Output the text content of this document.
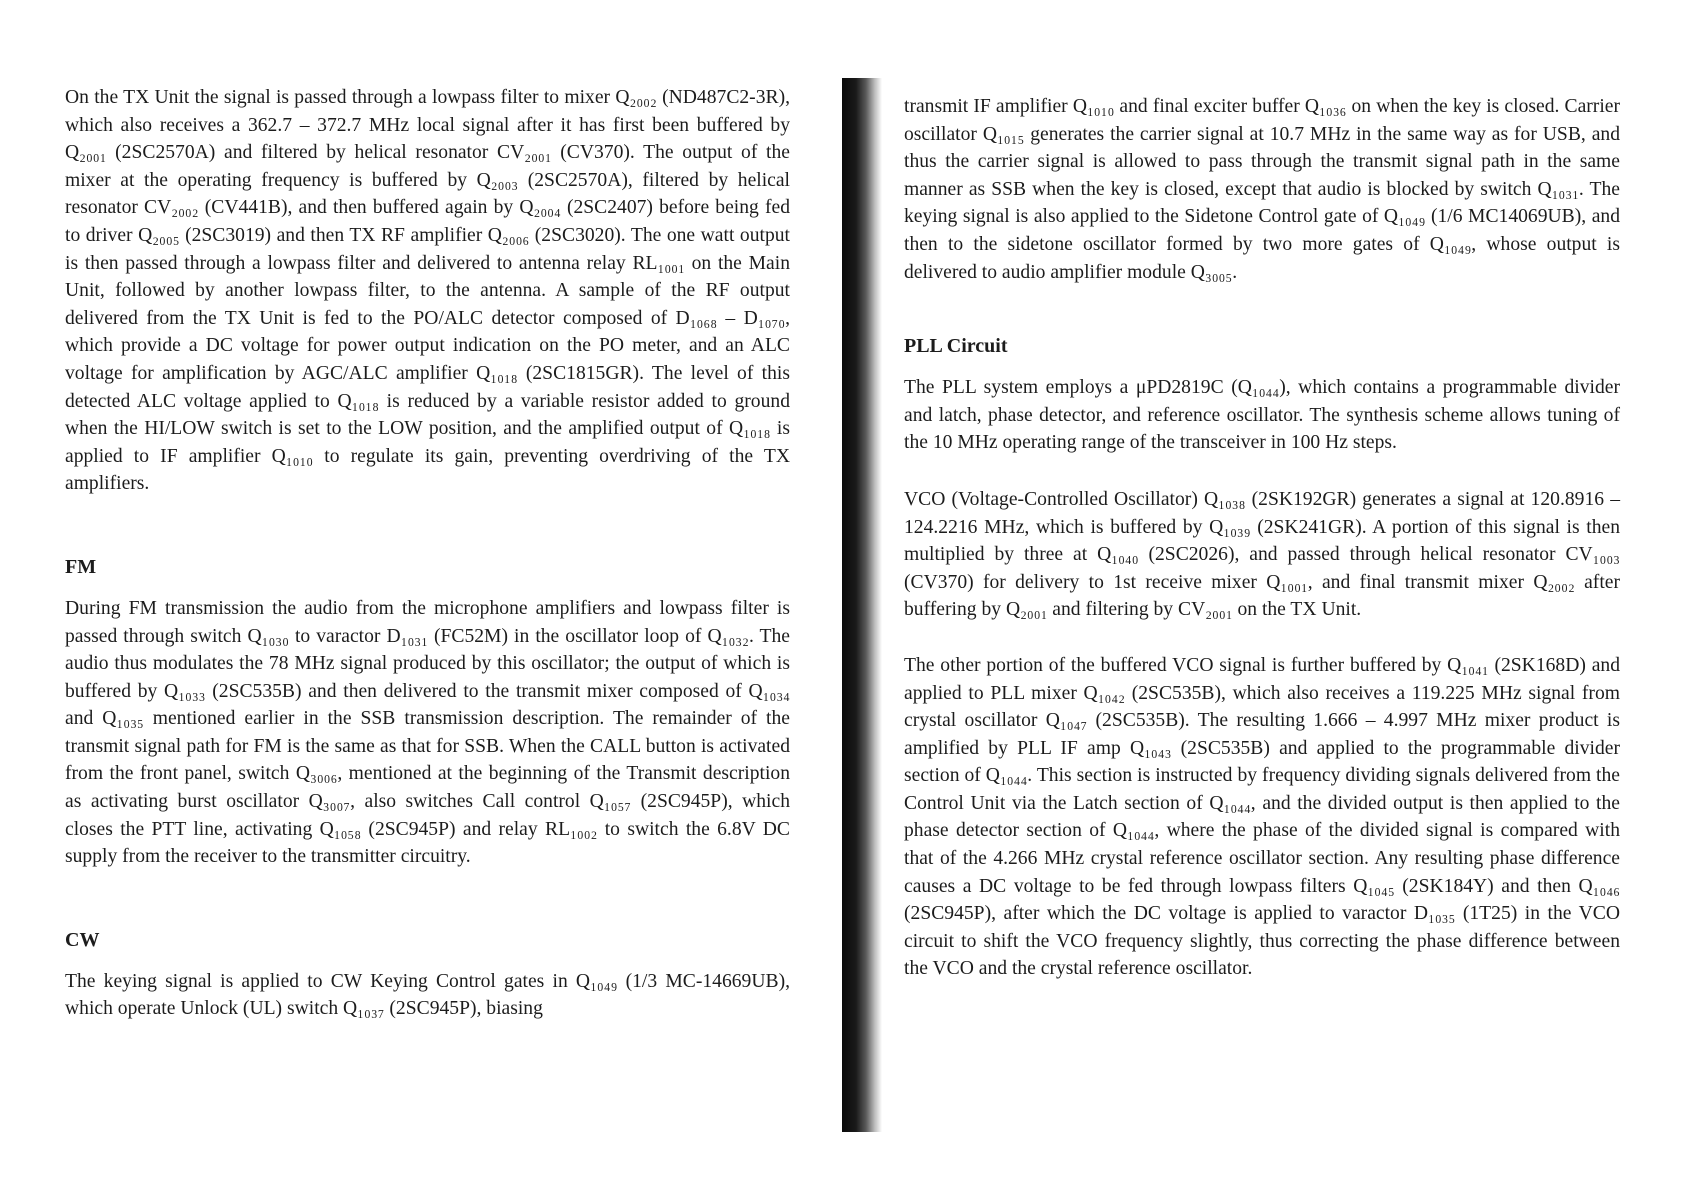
On the TX Unit the signal is passed through a lowpass filter to mixer Q₂₀₀₂ (ND487C2-3R), which also receives a 362.7 – 372.7 MHz local signal after it has first been buffered by Q₂₀₀₁ (2SC2570A) and filtered by helical resonator CV₂₀₀₁ (CV370). The output of the mixer at the operating frequency is buffered by Q₂₀₀₃ (2SC2570A), filtered by helical resonator CV₂₀₀₂ (CV441B), and then buffered again by Q₂₀₀₄ (2SC2407) before being fed to driver Q₂₀₀₅ (2SC3019) and then TX RF amplifier Q₂₀₀₆ (2SC3020). The one watt output is then passed through a lowpass filter and delivered to antenna relay RL₁₀₀₁ on the Main Unit, followed by another lowpass filter, to the antenna. A sample of the RF output delivered from the TX Unit is fed to the PO/ALC detector composed of D₁₀₆₈ – D₁₀₇₀, which provide a DC voltage for power output indication on the PO meter, and an ALC voltage for amplification by AGC/ALC amplifier Q₁₀₁₈ (2SC1815GR). The level of this detected ALC voltage applied to Q₁₀₁₈ is reduced by a variable resistor added to ground when the HI/LOW switch is set to the LOW position, and the amplified output of Q₁₀₁₈ is applied to IF amplifier Q₁₀₁₀ to regulate its gain, preventing overdriving of the TX amplifiers.

FM

During FM transmission the audio from the microphone amplifiers and lowpass filter is passed through switch Q₁₀₃₀ to varactor D₁₀₃₁ (FC52M) in the oscillator loop of Q₁₀₃₂. The audio thus modulates the 78 MHz signal produced by this oscillator; the output of which is buffered by Q₁₀₃₃ (2SC535B) and then delivered to the transmit mixer composed of Q₁₀₃₄ and Q₁₀₃₅ mentioned earlier in the SSB transmission description. The remainder of the transmit signal path for FM is the same as that for SSB. When the CALL button is activated from the front panel, switch Q₃₀₀₆, mentioned at the beginning of the Transmit description as activating burst oscillator Q₃₀₀₇, also switches Call control Q₁₀₅₇ (2SC945P), which closes the PTT line, activating Q₁₀₅₈ (2SC945P) and relay RL₁₀₀₂ to switch the 6.8V DC supply from the receiver to the transmitter circuitry.

CW

The keying signal is applied to CW Keying Control gates in Q₁₀₄₉ (1/3 MC-14669UB), which operate Unlock (UL) switch Q₁₀₃₇ (2SC945P), biasing

transmit IF amplifier Q₁₀₁₀ and final exciter buffer Q₁₀₃₆ on when the key is closed. Carrier oscillator Q₁₀₁₅ generates the carrier signal at 10.7 MHz in the same way as for USB, and thus the carrier signal is allowed to pass through the transmit signal path in the same manner as SSB when the key is closed, except that audio is blocked by switch Q₁₀₃₁. The keying signal is also applied to the Sidetone Control gate of Q₁₀₄₉ (1/6 MC14069UB), and then to the sidetone oscillator formed by two more gates of Q₁₀₄₉, whose output is delivered to audio amplifier module Q₃₀₀₅.

PLL Circuit

The PLL system employs a μPD2819C (Q₁₀₄₄), which contains a programmable divider and latch, phase detector, and reference oscillator. The synthesis scheme allows tuning of the 10 MHz operating range of the transceiver in 100 Hz steps.

VCO (Voltage-Controlled Oscillator) Q₁₀₃₈ (2SK192GR) generates a signal at 120.8916 – 124.2216 MHz, which is buffered by Q₁₀₃₉ (2SK241GR). A portion of this signal is then multiplied by three at Q₁₀₄₀ (2SC2026), and passed through helical resonator CV₁₀₀₃ (CV370) for delivery to 1st receive mixer Q₁₀₀₁, and final transmit mixer Q₂₀₀₂ after buffering by Q₂₀₀₁ and filtering by CV₂₀₀₁ on the TX Unit.

The other portion of the buffered VCO signal is further buffered by Q₁₀₄₁ (2SK168D) and applied to PLL mixer Q₁₀₄₂ (2SC535B), which also receives a 119.225 MHz signal from crystal oscillator Q₁₀₄₇ (2SC535B). The resulting 1.666 – 4.997 MHz mixer product is amplified by PLL IF amp Q₁₀₄₃ (2SC535B) and applied to the programmable divider section of Q₁₀₄₄. This section is instructed by frequency dividing signals delivered from the Control Unit via the Latch section of Q₁₀₄₄, and the divided output is then applied to the phase detector section of Q₁₀₄₄, where the phase of the divided signal is compared with that of the 4.266 MHz crystal reference oscillator section. Any resulting phase difference causes a DC voltage to be fed through lowpass filters Q₁₀₄₅ (2SK184Y) and then Q₁₀₄₆ (2SC945P), after which the DC voltage is applied to varactor D₁₀₃₅ (1T25) in the VCO circuit to shift the VCO frequency slightly, thus correcting the phase difference between the VCO and the crystal reference oscillator.
